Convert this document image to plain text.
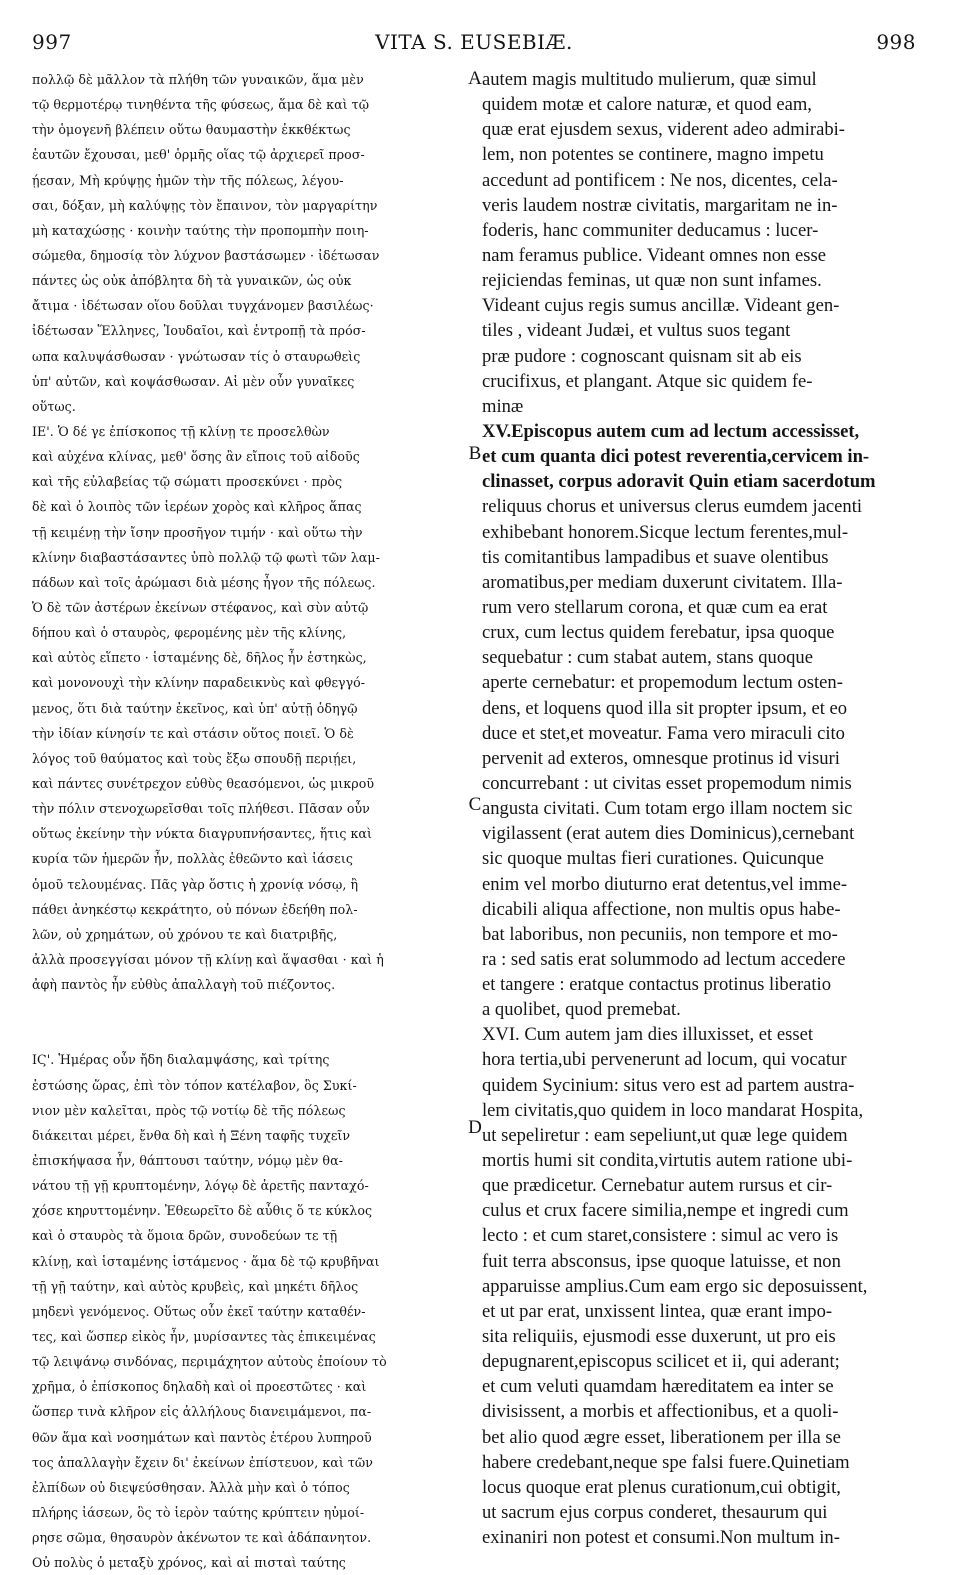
997	VITA S. EUSEBIÆ.	998
πολλῷ δὲ μᾶλλον τὰ πλήθη τῶν γυναικῶν, ἅμα μὲν
τῷ θερμοτέρῳ τινηθέντα τῆς φύσεως, ἅμα δὲ καὶ τῷ
τὴν ὁμογενῆ βλέπειν οὕτω θαυμαστὴν ἐκκθέκτως
ἑαυτῶν ἔχουσαι, μεθ' ὁρμῆς οἵας τῷ ἀρχιερεῖ προσ-
ῄεσαν, Μὴ κρύψῃς ἡμῶν τὴν τῆς πόλεως, λέγου-
σαι, δόξαν, μὴ καλύψῃς τὸν ἔπαινον, τὸν μαργαρίτην
μὴ καταχώσῃς · κοινὴν ταύτης τὴν προπομπὴν ποιη-
σώμεθα, δημοσίᾳ τὸν λύχνον βαστάσωμεν · ἰδέτωσαν
πάντες ὡς οὐκ ἀπόβλητα δὴ τὰ γυναικῶν, ὡς οὐκ
ἄτιμα · ἰδέτωσαν οἵου δοῦλαι τυγχάνομεν βασιλέως·
ἰδέτωσαν Ἕλληνες, Ἰουδαῖοι, καὶ ἐντροπῇ τὰ πρόσ-
ωπα καλυψάσθωσαν · γνώτωσαν τίς ὁ σταυρωθεὶς
ὑπ' αὐτῶν, καὶ κοψάσθωσαν. Αἱ μὲν οὖν γυναῖκες
οὕτως.
ΙΕ'. Ὁ δέ γε ἐπίσκοπος τῇ κλίνῃ τε προσελθὼν
καὶ αὐχένα κλίνας, μεθ' ὅσης ἂν εἴποις τοῦ αἰδοῦς
καὶ τῆς εὐλαβείας τῷ σώματι προσεκύνει · πρὸς
δὲ καὶ ὁ λοιπὸς τῶν ἱερέων χορὸς καὶ κλῆρος ἅπας
τῇ κειμένῃ τὴν ἴσην προσῆγον τιμήν · καὶ οὕτω τὴν
κλίνην διαβαστάσαντες ὑπὸ πολλῷ τῷ φωτὶ τῶν λαμ-
πάδων καὶ τοῖς ἀρώμασι διὰ μέσης ἦγον τῆς πόλεως.
Ὁ δὲ τῶν ἀστέρων ἐκείνων στέφανος, καὶ σὺν αὐτῷ
δήπου καὶ ὁ σταυρὸς, φερομένης μὲν τῆς κλίνης,
καὶ αὐτὸς εἵπετο · ἱσταμένης δὲ, δῆλος ἦν ἑστηκὼς,
καὶ μονονουχὶ τὴν κλίνην παραδεικνὺς καὶ φθεγγό-
μενος, ὅτι διὰ ταύτην ἐκεῖνος, καὶ ὑπ' αὐτῇ ὁδηγῷ
τὴν ἰδίαν κίνησίν τε καὶ στάσιν οὕτος ποιεῖ. Ὁ δὲ
λόγος τοῦ θαύματος καὶ τοὺς ἔξω σπουδῇ περιῄει,
καὶ πάντες συνέτρεχον εὐθὺς θεασόμενοι, ὡς μικροῦ
τὴν πόλιν στενοχωρεῖσθαι τοῖς πλήθεσι. Πᾶσαν οὖν
οὕτως ἐκείνην τὴν νύκτα διαγρυπνήσαντες, ἥτις καὶ
κυρία τῶν ἡμερῶν ἦν, πολλὰς ἑθεῶντο καὶ ἰάσεις
ὁμοῦ τελουμένας. Πᾶς γὰρ ὅστις ἡ χρονίᾳ νόσῳ, ἢ
πάθει ἀνηκέστῳ κεκράτητο, οὐ πόνων ἐδεήθη πολ-
λῶν, οὐ χρημάτων, οὐ χρόνου τε καὶ διατριβῆς,
ἀλλὰ προσεγγίσαι μόνον τῇ κλίνῃ καὶ ἅψασθαι · καὶ ἡ
ἀφὴ παντὸς ἦν εὐθὺς ἀπαλλαγὴ τοῦ πιέζοντος.
ΙϚ'. Ἡμέρας οὖν ἤδη διαλαμψάσης, καὶ τρίτης
ἑστώσης ὥρας, ἐπὶ τὸν τόπον κατέλαβον, ὃς Συκί-
νιον μὲν καλεῖται, πρὸς τῷ νοτίῳ δὲ τῆς πόλεως
διάκειται μέρει, ἔνθα δὴ καὶ ἡ Ξένη ταφῆς τυχεῖν
ἐπισκήψασα ἦν, θάπτουσι ταύτην, νόμῳ μὲν θα-
νάτου τῇ γῇ κρυπτομένην, λόγῳ δὲ ἀρετῆς πανταχό-
χόσε κηρυττομένην. Ἐθεωρεῖτο δὲ αὖθις ὅ τε κύκλος
καὶ ὁ σταυρὸς τὰ ὅμοια δρῶν, συνοδεύων τε τῇ
κλίνῃ, καὶ ἱσταμένης ἱστάμενος · ἅμα δὲ τῷ κρυβῆναι
τῇ γῇ ταύτην, καὶ αὐτὸς κρυβεὶς, καὶ μηκέτι δῆλος
μηδενὶ γενόμενος. Οὕτως οὖν ἐκεῖ ταύτην καταθέν-
τες, καὶ ὥσπερ εἰκὸς ἦν, μυρίσαντες τὰς ἐπικειμένας
τῷ λειψάνῳ σινδόνας, περιμάχητον αὐτοὺς ἐποίουν τὸ
χρῆμα, ὁ ἐπίσκοπος δηλαδὴ καὶ οἱ προεστῶτες · καὶ
ὥσπερ τινὰ κλῆρον εἰς ἀλλήλους διανειμάμενοι, πα-
θῶν ἅμα καὶ νοσημάτων καὶ παντὸς ἑτέρου λυπηροῦ
τος ἀπαλλαγὴν ἔχειν δι' ἐκείνων ἐπίστευον, καὶ τῶν
ἐλπίδων οὐ διεψεύσθησαν. Ἀλλὰ μὴν καὶ ὁ τόπος
πλήρης ἰάσεων, ὃς τὸ ἱερὸν ταύτης κρύπτειν ηὐμοί-
ρησε σῶμα, θησαυρὸν ἀκένωτον τε καὶ ἀδάπανητον.
Οὐ πολὺς ὁ μεταξὺ χρόνος, καὶ αἱ πισταὶ ταύτης
autem magis multitudo mulierum, quæ simul
quidem motæ et calore naturæ, et quod eam,
quæ erat ejusdem sexus, viderent adeo admirabi-
lem, non potentes se continere, magno impetu
accedunt ad pontificem : Ne nos, dicentes, cela-
veris laudem nostræ civitatis, margaritam ne in-
foderis, hanc communiter deducamus : lucer-
nam feramus publice. Videant omnes non esse
rejiciendas feminas, ut quæ non sunt infames.
Videant cujus regis sumus ancillæ. Videant gen-
tiles , videant Judæi, et vultus suos tegant
præ pudore : cognoscant quisnam sit ab eis
crucifixus, et plangant. Atque sic quidem fe-
minæ
XV.Episcopus autem cum ad lectum accessisset,
et cum quanta dici potest reverentia,cervicem in-
clinasset, corpus adoravit Quin etiam sacerdotum
reliquus chorus et universus clerus eumdem jacenti
exhibebant honorem.Sicque lectum ferentes,mul-
tis comitantibus lampadibus et suave olentibus
aromatibus,per mediam duxerunt civitatem. Illa-
rum vero stellarum corona, et quæ cum ea erat
crux, cum lectus quidem ferebatur, ipsa quoque
sequebatur : cum stabat autem, stans quoque
aperte cernebatur: et propemodum lectum osten-
dens, et loquens quod illa sit propter ipsum, et eo
duce et stet,et moveatur. Fama vero miraculi cito
pervenit ad exteros, omnesque protinus id visuri
concurrebant : ut civitas esset propemodum nimis
angusta civitati. Cum totam ergo illam noctem sic
vigilassent (erat autem dies Dominicus),cernebant
sic quoque multas fieri curationes. Quicunque
enim vel morbo diuturno erat detentus,vel imme-
dicabili aliqua affectione, non multis opus habe-
bat laboribus, non pecuniis, non tempore et mo-
ra : sed satis erat solummodo ad lectum accedere
et tangere : eratque contactus protinus liberatio
a quolibet, quod premebat.
XVI. Cum autem jam dies illuxisset, et esset
hora tertia,ubi pervenerunt ad locum, qui vocatur
quidem Sycinium: situs vero est ad partem austra-
lem civitatis,quo quidem in loco mandarat Hospita,
ut sepeliretur : eam sepeliunt,ut quæ lege quidem
mortis humi sit condita,virtutis autem ratione ubi-
que prædicetur. Cernebatur autem rursus et cir-
culus et crux facere similia,nempe et ingredi cum
lecto : et cum staret,consistere : simul ac vero is
fuit terra absconsus, ipse quoque latuisse, et non
apparuisse amplius.Cum eam ergo sic deposuissent,
et ut par erat, unxissent lintea, quæ erant impo-
sita reliquiis, ejusmodi esse duxerunt, ut pro eis
depugnarent,episcopus scilicet et ii, qui aderant;
et cum veluti quamdam hæreditatem ea inter se
divisissent, a morbis et affectionibus, et a quoli-
bet alio quod ægre esset, liberationem per illa se
habere credebant,neque spe falsi fuere.Quinetiam
locus quoque erat plenus curationum,cui obtigit,
ut sacrum ejus corpus conderet, thesaurum qui
exinaniri non potest et consumi.Non multum in-
A
B
C
D
